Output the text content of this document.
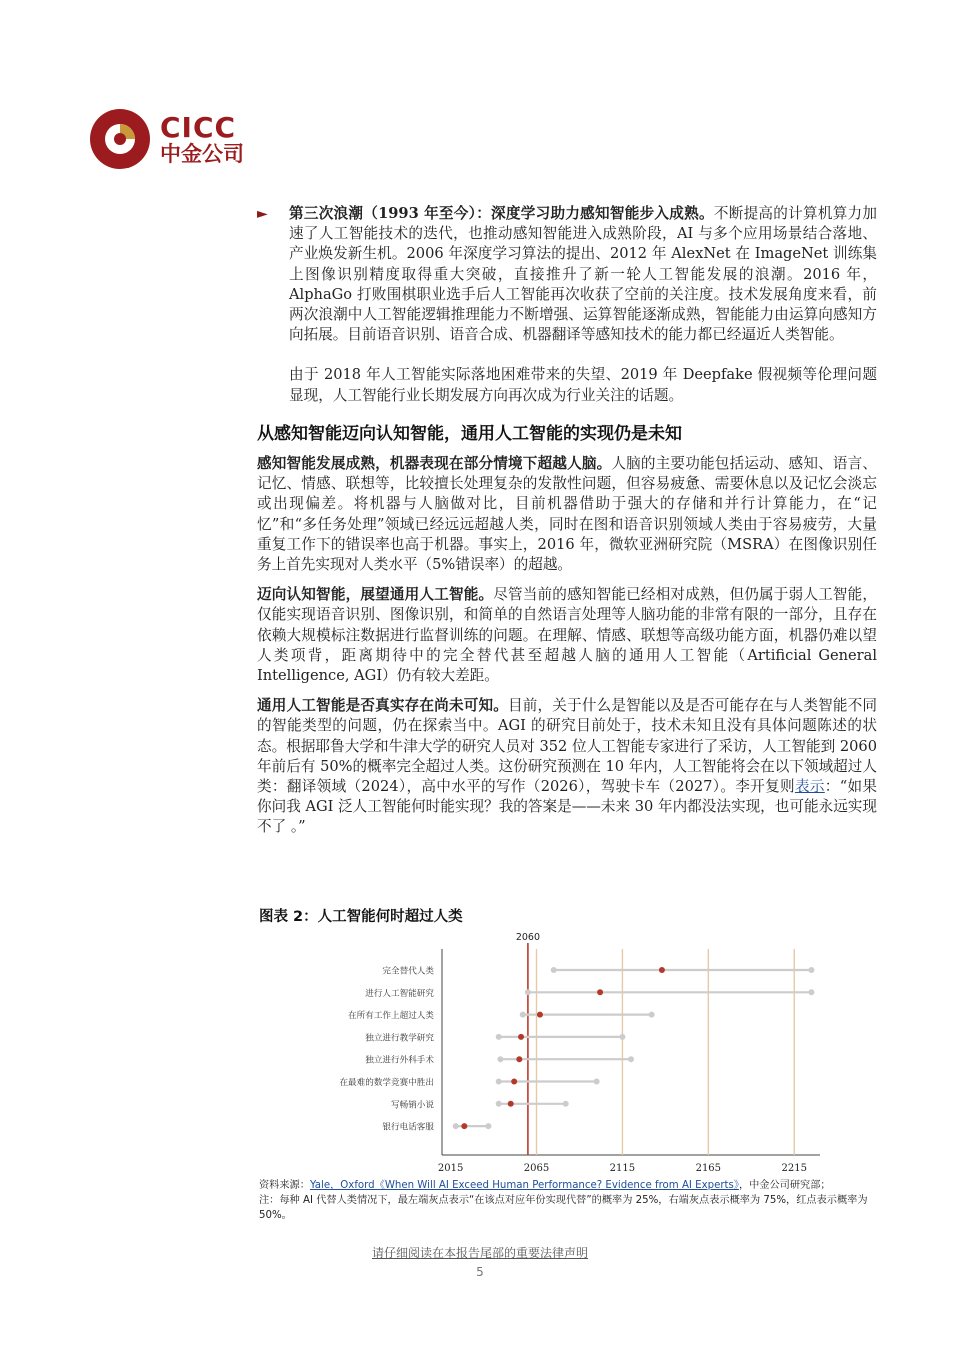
CICC
中金公司
► 第三次浪潮（1993 年至今）：深度学习助力感知智能步入成熟。不断提高的计算机算力加速了人工智能技术的迭代，也推动感知智能进入成熟阶段，AI 与多个应用场景结合落地、产业焕发新生机。2006 年深度学习算法的提出、2012 年 AlexNet 在 ImageNet 训练集上图像识别精度取得重大突破，直接推升了新一轮人工智能发展的浪潮。2016 年，AlphaGo 打败围棋职业选手后人工智能再次收获了空前的关注度。技术发展角度来看，前两次浪潮中人工智能逻辑推理能力不断增强、运算智能逐渐成熟，智能能力由运算向感知方向拓展。目前语音识别、语音合成、机器翻译等感知技术的能力都已经逼近人类智能。

由于 2018 年人工智能实际落地困难带来的失望、2019 年 Deepfake 假视频等伦理问题显现，人工智能行业长期发展方向再次成为行业关注的话题。

从感知智能迈向认知智能，通用人工智能的实现仍是未知

感知智能发展成熟，机器表现在部分情境下超越人脑。人脑的主要功能包括运动、感知、语言、记忆、情感、联想等，比较擅长处理复杂的发散性问题，但容易疲惫、需要休息以及记忆会淡忘或出现偏差。将机器与人脑做对比，目前机器借助于强大的存储和并行计算能力，在“记忆”和“多任务处理”领域已经远远超越人类，同时在图和语音识别领域人类由于容易疲劳，大量重复工作下的错误率也高于机器。事实上，2016 年，微软亚洲研究院（MSRA）在图像识别任务上首先实现对人类水平（5%错误率）的超越。

迈向认知智能，展望通用人工智能。尽管当前的感知智能已经相对成熟，但仍属于弱人工智能，仅能实现语音识别、图像识别，和简单的自然语言处理等人脑功能的非常有限的一部分，且存在依赖大规模标注数据进行监督训练的问题。在理解、情感、联想等高级功能方面，机器仍难以望人类项背，距离期待中的完全替代甚至超越人脑的通用人工智能（Artificial General Intelligence, AGI）仍有较大差距。

通用人工智能是否真实存在尚未可知。目前，关于什么是智能以及是否可能存在与人类智能不同的智能类型的问题，仍在探索当中。AGI 的研究目前处于，技术未知且没有具体问题陈述的状态。根据耶鲁大学和牛津大学的研究人员对 352 位人工智能专家进行了采访，人工智能到 2060 年前后有 50%的概率完全超过人类。这份研究预测在 10 年内，人工智能将会在以下领域超过人类：翻译领域（2024），高中水平的写作（2026），驾驶卡车（2027）。李开复则表示：“如果你问我 AGI 泛人工智能何时能实现？我的答案是——未来 30 年内都没法实现，也可能永远实现不了 。”

图表 2：人工智能何时超过人类
2060
2015	2065	2115	2165	2215
完全替代人类
进行人工智能研究
在所有工作上超过人类
独立进行教学研究
独立进行外科手术
在最难的数学竞赛中胜出
写畅销小说
银行电话客服
资料来源：Yale，Oxford《When Will AI Exceed Human Performance? Evidence from AI Experts》，中金公司研究部；
注：每种 AI 代替人类情况下，最左端灰点表示“在该点对应年份实现代替”的概率为 25%，右端灰点表示概率为 75%，红点表示概率为 50%。
请仔细阅读在本报告尾部的重要法律声明
5
